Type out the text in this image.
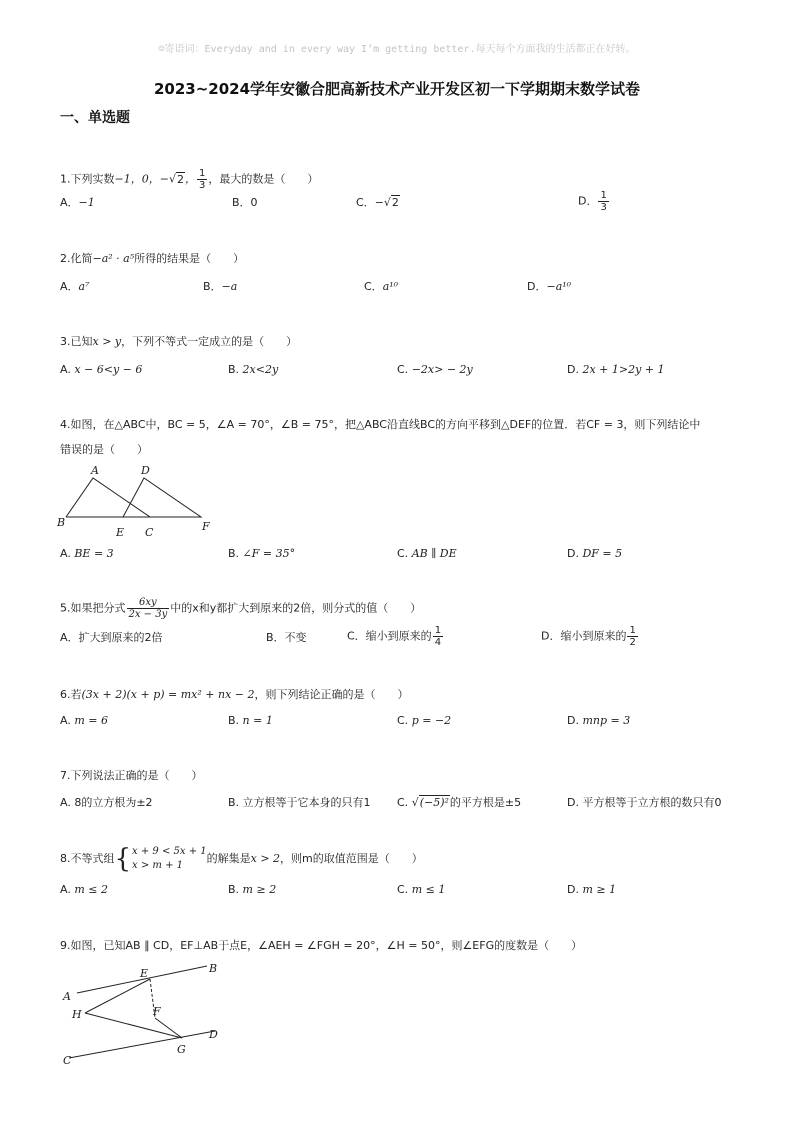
☺寄语词：Everyday and in every way I’m getting better.每天每个方面我的生活都正在好转。
2023~2024学年安徽合肥高新技术产业开发区初一下学期期末数学试卷
一、单选题
1.下列实数−1，0，−√2， $\frac{1}{3}$ ，最大的数是（　　）
A．−1	B．0	C．−√2	D． $\frac{1}{3}$
2.化简−a² · a⁵所得的结果是（　　）
A．a⁷	B．−a	C．a¹⁰	D．−a¹⁰
3.已知x > y，下列不等式一定成立的是（　　）
A. x − 6<y − 6	B. 2x<2y	C. −2x> − 2y	D. 2x + 1>2y + 1
4.如图，在△ABC中，BC = 5，∠A = 70°，∠B = 75°，把△ABC沿直线BC的方向平移到△DEF的位置．若CF = 3，则下列结论中
错误的是（　　）
A	D
B
E C	F
A. BE = 3	B. ∠F = 35°	C. AB ∥ DE	D. DF = 5
5.如果把分式 $\frac{6xy}{2x - 3y}$ 中的x和y都扩大到原来的2倍，则分式的值（　　）
A．扩大到原来的2倍	B．不变	C．缩小到原来的 $\frac{1}{4}$	D．缩小到原来的 $\frac{1}{2}$
6.若(3x + 2)(x + p) = mx² + nx − 2，则下列结论正确的是（　　）
A. m = 6	B. n = 1	C. p = −2	D. mnp = 3
7.下列说法正确的是（　　）
A. 8的立方根为±2	B. 立方根等于它本身的只有1 C. √(−5)²的平方根是±5	D. 平方根等于立方根的数只有0
8.不等式组{ x + 9 < 5x + 1
x > m + 1
的解集是x > 2，则m的取值范围是（　　）
A. m ≤ 2	B. m ≥ 2	C. m ≤ 1	D. m ≥ 1
9.如图，已知AB ∥ CD，EF⊥AB于点E，∠AEH = ∠FGH = 20°，∠H = 50°，则∠EFG的度数是（　　）
E	B
A
H	F
D
G
C
